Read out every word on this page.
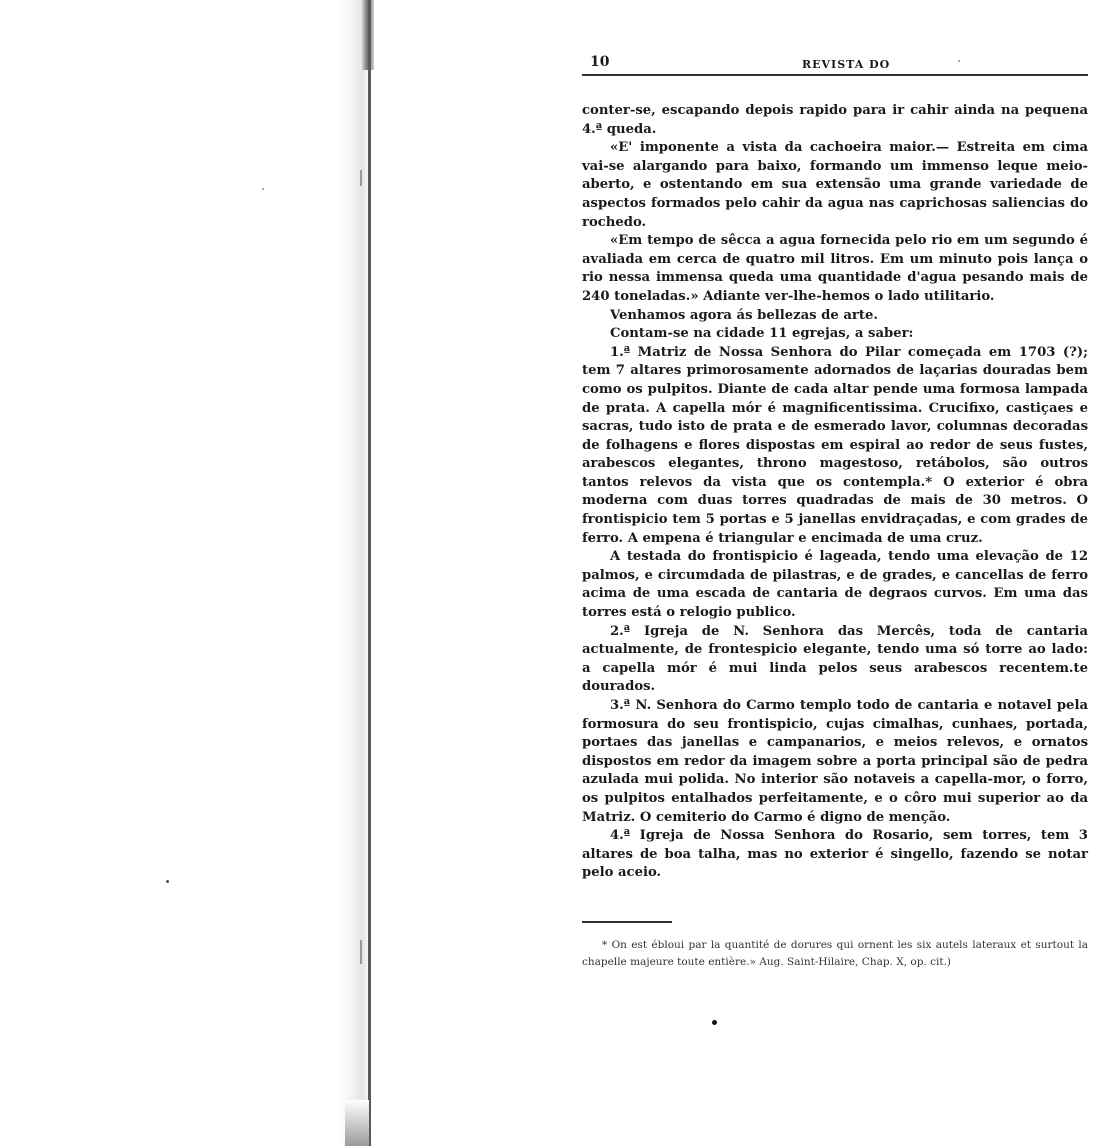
10	REVISTA DO

conter-se, escapando depois rapido para ir cahir ainda na pequena 4.ª queda.

«E' imponente a vista da cachoeira maior.— Estreita em cima vai-se alargando para baixo, formando um immenso leque meio-aberto, e ostentando em sua extensão uma grande variedade de aspectos formados pelo cahir da agua nas caprichosas saliencias do rochedo.

«Em tempo de sêcca a agua fornecida pelo rio em um segundo é avaliada em cerca de quatro mil litros. Em um minuto pois lança o rio nessa immensa queda uma quantidade d'agua pesando mais de 240 toneladas.» Adiante ver-lhe-hemos o lado utilitario.

Venhamos agora ás bellezas de arte.

Contam-se na cidade 11 egrejas, a saber:

1.ª Matriz de Nossa Senhora do Pilar começada em 1703 (?); tem 7 altares primorosamente adornados de laçarias douradas bem como os pulpitos. Diante de cada altar pende uma formosa lampada de prata. A capella mór é magnificentissima. Crucifixo, castiçaes e sacras, tudo isto de prata e de esmerado lavor, columnas decoradas de folhagens e flores dispostas em espiral ao redor de seus fustes, arabescos elegantes, throno magestoso, retábolos, são outros tantos relevos da vista que os contempla.* O exterior é obra moderna com duas torres quadradas de mais de 30 metros. O frontispicio tem 5 portas e 5 janellas envidraçadas, e com grades de ferro. A empena é triangular e encimada de uma cruz.

A testada do frontispicio é lageada, tendo uma elevação de 12 palmos, e circumdada de pilastras, e de grades, e cancellas de ferro acima de uma escada de cantaria de degraos curvos. Em uma das torres está o relogio publico.

2.ª Igreja de N. Senhora das Mercês, toda de cantaria actualmente, de frontespicio elegante, tendo uma só torre ao lado: a capella mór é mui linda pelos seus arabescos recentem.te dourados.

3.ª N. Senhora do Carmo templo todo de cantaria e notavel pela formosura do seu frontispicio, cujas cimalhas, cunhaes, portada, portaes das janellas e campanarios, e meios relevos, e ornatos dispostos em redor da imagem sobre a porta principal são de pedra azulada mui polida. No interior são notaveis a capella-mor, o forro, os pulpitos entalhados perfeitamente, e o côro mui superior ao da Matriz. O cemiterio do Carmo é digno de menção.

4.ª Igreja de Nossa Senhora do Rosario, sem torres, tem 3 altares de boa talha, mas no exterior é singello, fazendo se notar pelo aceio.

* On est ébloui par la quantité de dorures qui ornent les six autels lateraux et surtout la chapelle majeure toute entière.» Aug. Saint-Hilaire, Chap. X, op. cit.)
